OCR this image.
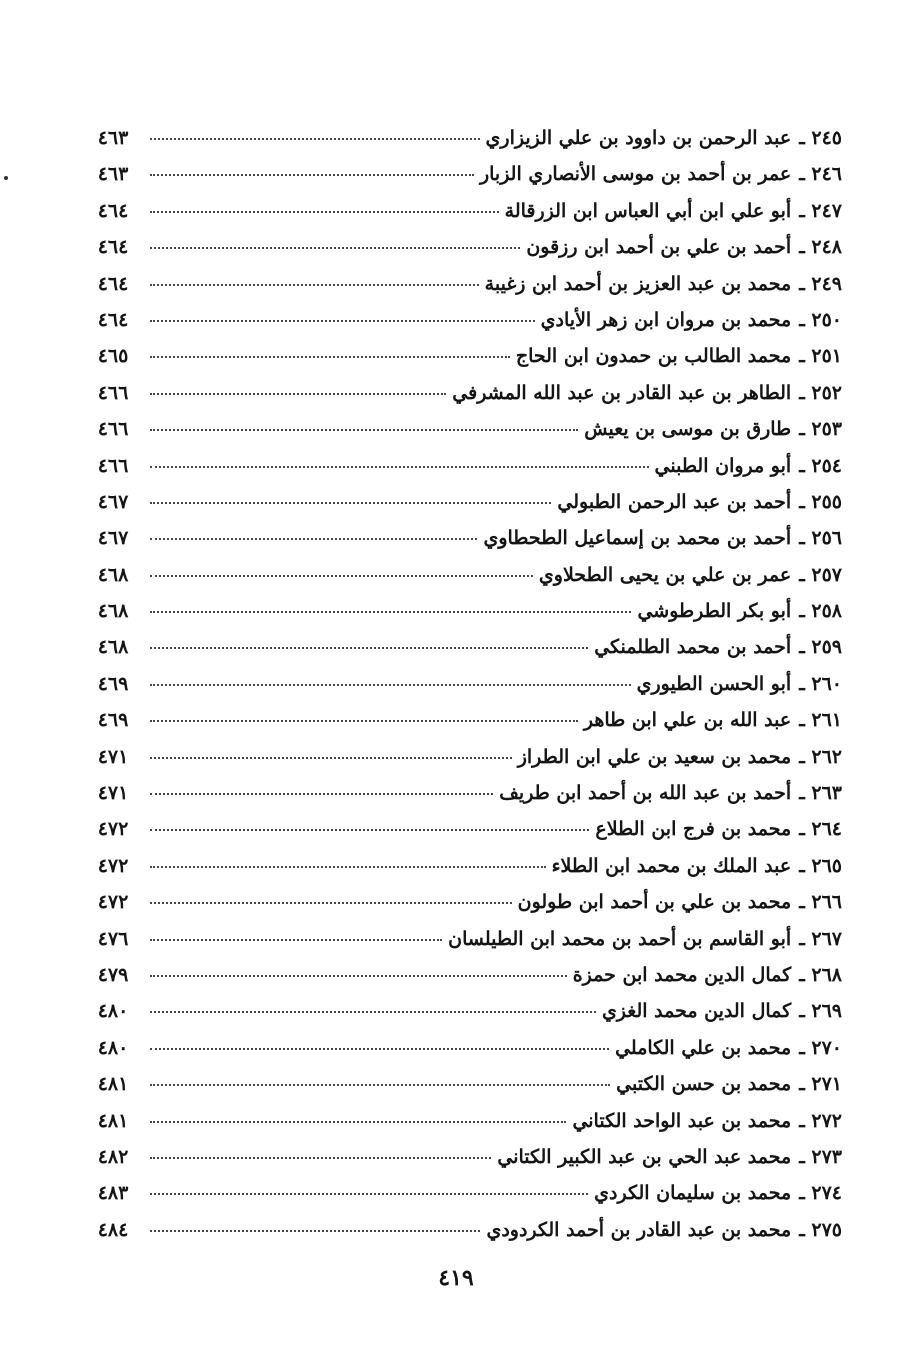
٢٤٥ ـ
عبد الرحمن بن داوود بن علي الزيزاري
٤٦٣
٢٤٦ ـ
عمر بن أحمد بن موسى الأنصاري الزبار
٤٦٣
٢٤٧ ـ
أبو علي ابن أبي العباس ابن الزرقالة
٤٦٤
٢٤٨ ـ
أحمد بن علي بن أحمد ابن رزقون
٤٦٤
٢٤٩ ـ
محمد بن عبد العزيز بن أحمد ابن زغيبة
٤٦٤
٢٥٠ ـ
محمد بن مروان ابن زهر الأيادي
٤٦٤
٢٥١ ـ
محمد الطالب بن حمدون ابن الحاج
٤٦٥
٢٥٢ ـ
الطاهر بن عبد القادر بن عبد الله المشرفي
٤٦٦
٢٥٣ ـ
طارق بن موسى بن يعيش
٤٦٦
٢٥٤ ـ
أبو مروان الطبني
٤٦٦
٢٥٥ ـ
أحمد بن عبد الرحمن الطبولي
٤٦٧
٢٥٦ ـ
أحمد بن محمد بن إسماعيل الطحطاوي
٤٦٧
٢٥٧ ـ
عمر بن علي بن يحيى الطحلاوي
٤٦٨
٢٥٨ ـ
أبو بكر الطرطوشي
٤٦٨
٢٥٩ ـ
أحمد بن محمد الطلمنكي
٤٦٨
٢٦٠ ـ
أبو الحسن الطيوري
٤٦٩
٢٦١ ـ
عبد الله بن علي ابن طاهر
٤٦٩
٢٦٢ ـ
محمد بن سعيد بن علي ابن الطراز
٤٧١
٢٦٣ ـ
أحمد بن عبد الله بن أحمد ابن طريف
٤٧١
٢٦٤ ـ
محمد بن فرج ابن الطلاع
٤٧٢
٢٦٥ ـ
عبد الملك بن محمد ابن الطلاء
٤٧٢
٢٦٦ ـ
محمد بن علي بن أحمد ابن طولون
٤٧٢
٢٦٧ ـ
أبو القاسم بن أحمد بن محمد ابن الطيلسان
٤٧٦
٢٦٨ ـ
كمال الدين محمد ابن حمزة
٤٧٩
٢٦٩ ـ
كمال الدين محمد الغزي
٤٨٠
٢٧٠ ـ
محمد بن علي الكاملي
٤٨٠
٢٧١ ـ
محمد بن حسن الكتبي
٤٨١
٢٧٢ ـ
محمد بن عبد الواحد الكتاني
٤٨١
٢٧٣ ـ
محمد عبد الحي بن عبد الكبير الكتاني
٤٨٢
٢٧٤ ـ
محمد بن سليمان الكردي
٤٨٣
٢٧٥ ـ
محمد بن عبد القادر بن أحمد الكردودي
٤٨٤
٤١٩
